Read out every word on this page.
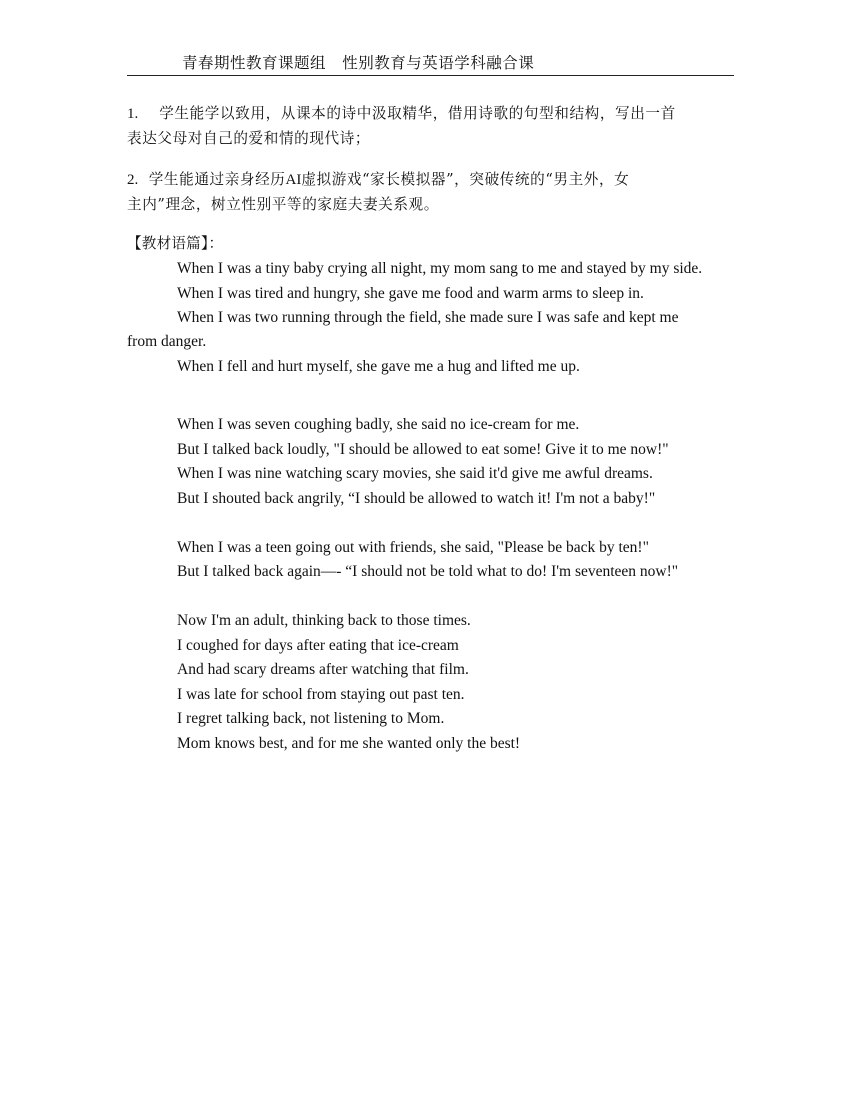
青春期性教育课题组   性别教育与英语学科融合课
1. 学生能学以致用，从课本的诗中汲取精华，借用诗歌的句型和结构，写出一首
表达父母对自己的爱和情的现代诗；
2. 学生能通过亲身经历AI虚拟游戏“家长模拟器”，突破传统的“男主外，女
主内”理念，树立性别平等的家庭夫妻关系观。
【教材语篇】：
When I was a tiny baby crying all night, my mom sang to me and stayed by my side.
When I was tired and hungry, she gave me food and warm arms to sleep in.
When I was two running through the field, she made sure I was safe and kept me
from danger.
When I fell and hurt myself, she gave me a hug and lifted me up.
When I was seven coughing badly, she said no ice-cream for me.
But I talked back loudly, "I should be allowed to eat some! Give it to me now!"
When I was nine watching scary movies, she said it'd give me awful dreams.
But I shouted back angrily, “I should be allowed to watch it! I'm not a baby!"
When I was a teen going out with friends, she said, "Please be back by ten!"
But I talked back again—- “I should not be told what to do! I'm seventeen now!"
Now I'm an adult, thinking back to those times.
I coughed for days after eating that ice-cream
And had scary dreams after watching that film.
I was late for school from staying out past ten.
I regret talking back, not listening to Mom.
Mom knows best, and for me she wanted only the best!
